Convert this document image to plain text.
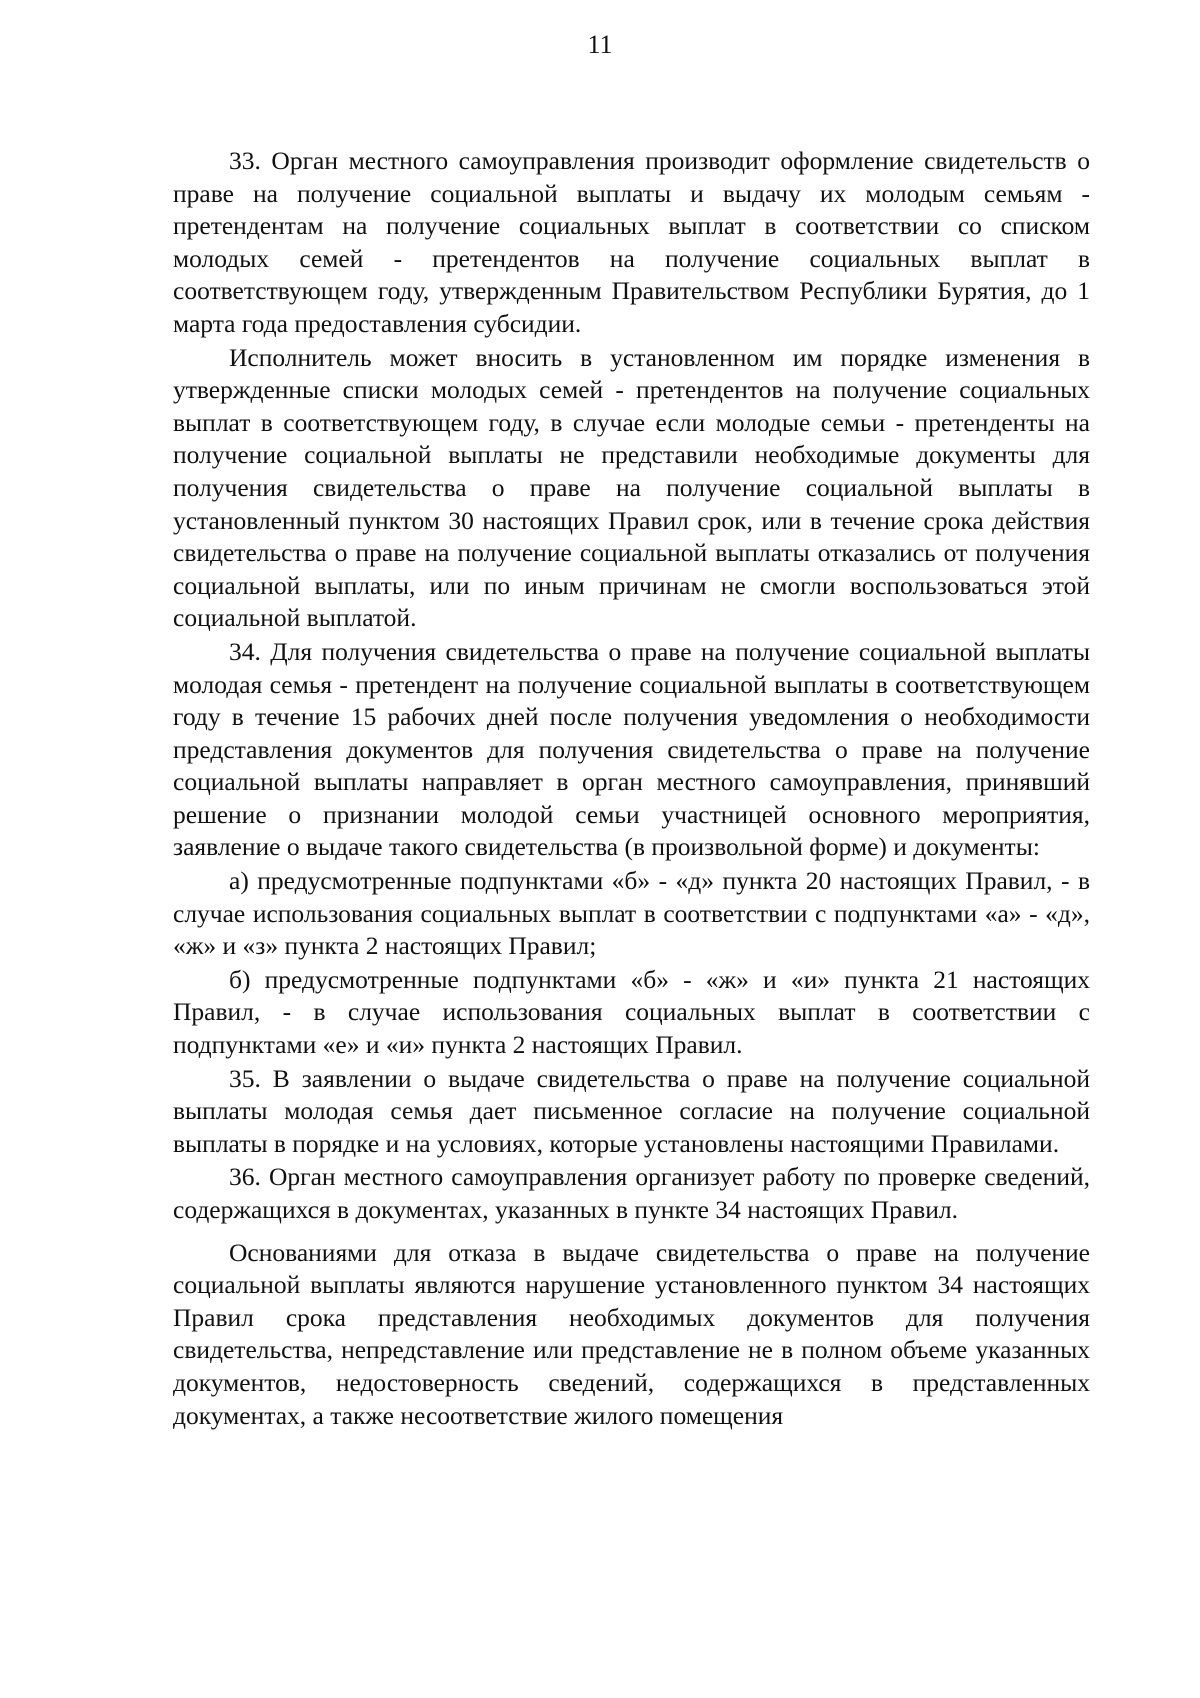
11

33. Орган местного самоуправления производит оформление свидетельств о праве на получение социальной выплаты и выдачу их молодым семьям - претендентам на получение социальных выплат в соответствии со списком молодых семей - претендентов на получение социальных выплат в соответствующем году, утвержденным Правительством Республики Бурятия, до 1 марта года предоставления субсидии.

Исполнитель может вносить в установленном им порядке изменения в утвержденные списки молодых семей - претендентов на получение социальных выплат в соответствующем году, в случае если молодые семьи - претенденты на получение социальной выплаты не представили необходимые документы для получения свидетельства о праве на получение социальной выплаты в установленный пунктом 30 настоящих Правил срок, или в течение срока действия свидетельства о праве на получение социальной выплаты отказались от получения социальной выплаты, или по иным причинам не смогли воспользоваться этой социальной выплатой.

34. Для получения свидетельства о праве на получение социальной выплаты молодая семья - претендент на получение социальной выплаты в соответствующем году в течение 15 рабочих дней после получения уведомления о необходимости представления документов для получения свидетельства о праве на получение социальной выплаты направляет в орган местного самоуправления, принявший решение о признании молодой семьи участницей основного мероприятия, заявление о выдаче такого свидетельства (в произвольной форме) и документы:

а) предусмотренные подпунктами «б» - «д» пункта 20 настоящих Правил, - в случае использования социальных выплат в соответствии с подпунктами «а» - «д», «ж» и «з» пункта 2 настоящих Правил;

б) предусмотренные подпунктами «б» - «ж» и «и» пункта 21 настоящих Правил, - в случае использования социальных выплат в соответствии с подпунктами «е» и «и» пункта 2 настоящих Правил.

35. В заявлении о выдаче свидетельства о праве на получение социальной выплаты молодая семья дает письменное согласие на получение социальной выплаты в порядке и на условиях, которые установлены настоящими Правилами.

36. Орган местного самоуправления организует работу по проверке сведений, содержащихся в документах, указанных в пункте 34 настоящих Правил.

Основаниями для отказа в выдаче свидетельства о праве на получение социальной выплаты являются нарушение установленного пунктом 34 настоящих Правил срока представления необходимых документов для получения свидетельства, непредставление или представление не в полном объеме указанных документов, недостоверность сведений, содержащихся в представленных документах, а также несоответствие жилого помещения
